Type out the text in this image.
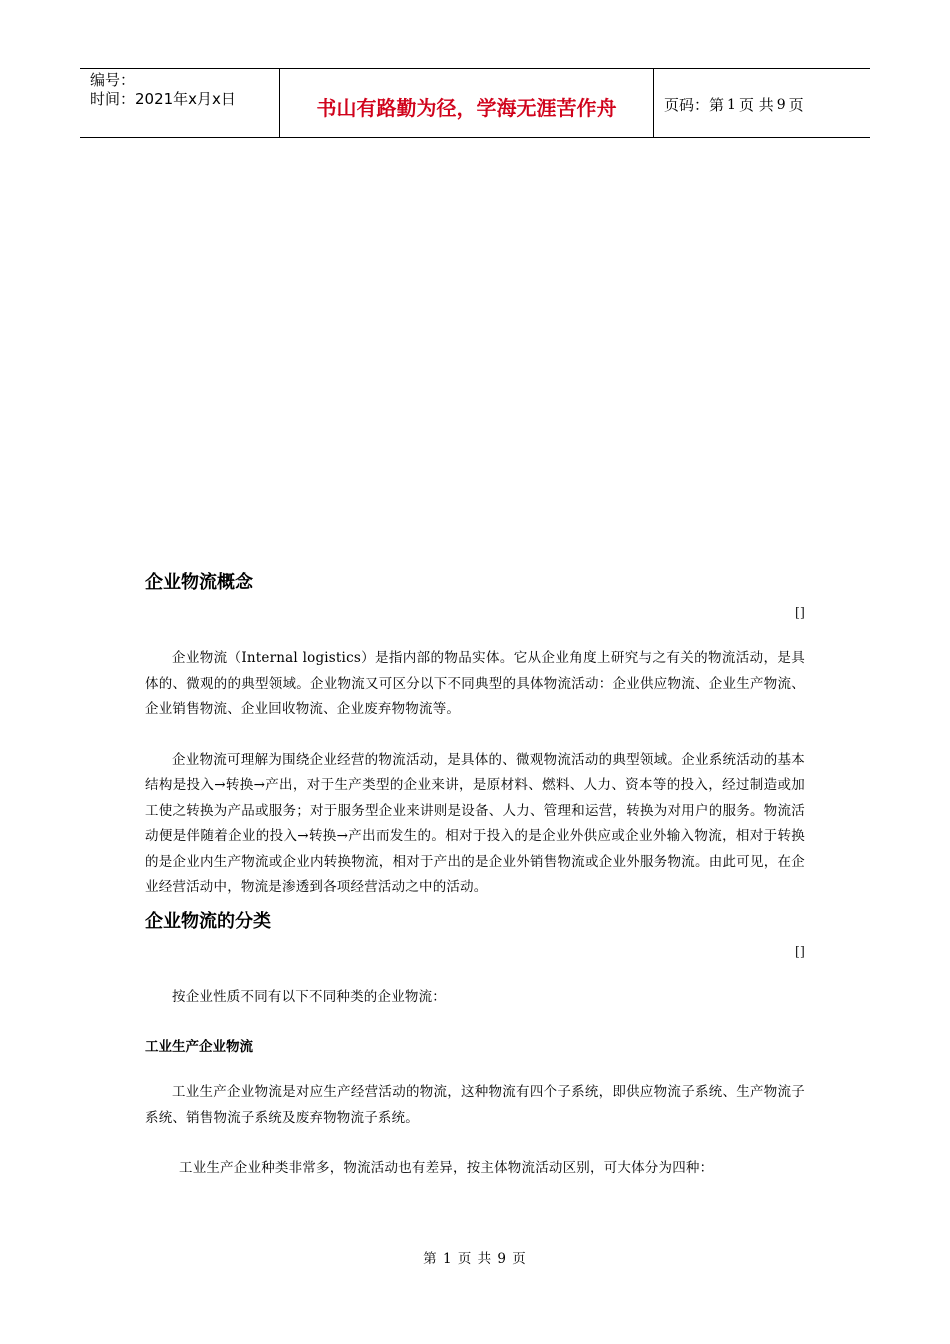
编号：
时间：2021年x月x日	书山有路勤为径，学海无涯苦作舟	页码：第 1 页 共 9 页
企业物流概念
[]

企业物流（Internal logistics）是指内部的物品实体。它从企业角度上研究与之有关的物流活动，是具体的、微观的的典型领域。企业物流又可区分以下不同典型的具体物流活动：企业供应物流、企业生产物流、企业销售物流、企业回收物流、企业废弃物物流等。

企业物流可理解为围绕企业经营的物流活动，是具体的、微观物流活动的典型领域。企业系统活动的基本结构是投入→转换→产出，对于生产类型的企业来讲，是原材料、燃料、人力、资本等的投入，经过制造或加工使之转换为产品或服务；对于服务型企业来讲则是设备、人力、管理和运营，转换为对用户的服务。物流活动便是伴随着企业的投入→转换→产出而发生的。相对于投入的是企业外供应或企业外输入物流，相对于转换的是企业内生产物流或企业内转换物流，相对于产出的是企业外销售物流或企业外服务物流。由此可见，在企业经营活动中，物流是渗透到各项经营活动之中的活动。

企业物流的分类
[]

按企业性质不同有以下不同种类的企业物流：

工业生产企业物流

工业生产企业物流是对应生产经营活动的物流，这种物流有四个子系统，即供应物流子系统、生产物流子系统、销售物流子系统及废弃物物流子系统。

工业生产企业种类非常多，物流活动也有差异，按主体物流活动区别，可大体分为四种：

第 1 页 共 9 页
